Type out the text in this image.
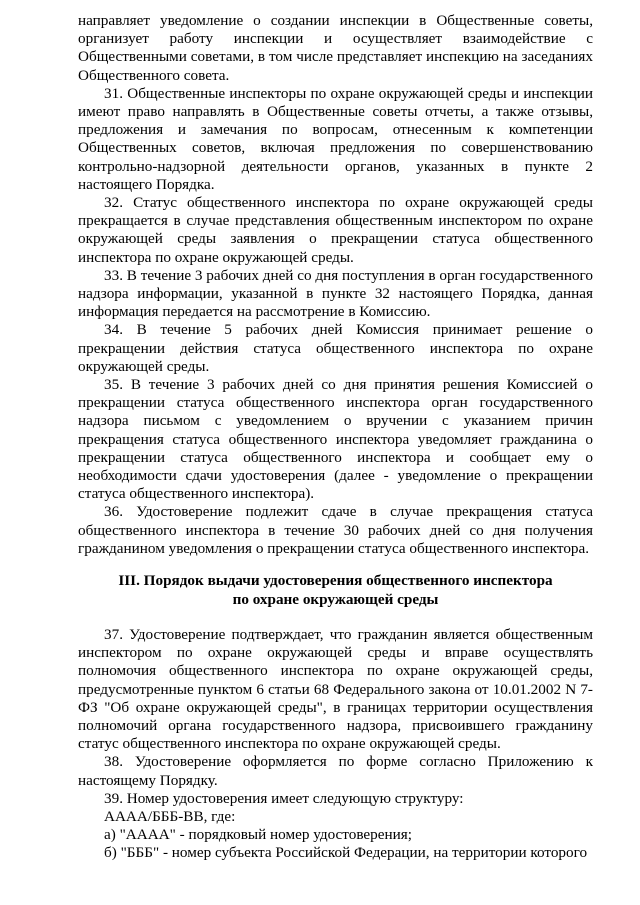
направляет уведомление о создании инспекции в Общественные советы, организует работу инспекции и осуществляет взаимодействие с Общественными советами, в том числе представляет инспекцию на заседаниях Общественного совета.

31. Общественные инспекторы по охране окружающей среды и инспекции имеют право направлять в Общественные советы отчеты, а также отзывы, предложения и замечания по вопросам, отнесенным к компетенции Общественных советов, включая предложения по совершенствованию контрольно-надзорной деятельности органов, указанных в пункте 2 настоящего Порядка.

32. Статус общественного инспектора по охране окружающей среды прекращается в случае представления общественным инспектором по охране окружающей среды заявления о прекращении статуса общественного инспектора по охране окружающей среды.

33. В течение 3 рабочих дней со дня поступления в орган государственного надзора информации, указанной в пункте 32 настоящего Порядка, данная информация передается на рассмотрение в Комиссию.

34. В течение 5 рабочих дней Комиссия принимает решение о прекращении действия статуса общественного инспектора по охране окружающей среды.

35. В течение 3 рабочих дней со дня принятия решения Комиссией о прекращении статуса общественного инспектора орган государственного надзора письмом с уведомлением о вручении с указанием причин прекращения статуса общественного инспектора уведомляет гражданина о прекращении статуса общественного инспектора и сообщает ему о необходимости сдачи удостоверения (далее - уведомление о прекращении статуса общественного инспектора).

36. Удостоверение подлежит сдаче в случае прекращения статуса общественного инспектора в течение 30 рабочих дней со дня получения гражданином уведомления о прекращении статуса общественного инспектора.

III. Порядок выдачи удостоверения общественного инспектора
по охране окружающей среды

37. Удостоверение подтверждает, что гражданин является общественным инспектором по охране окружающей среды и вправе осуществлять полномочия общественного инспектора по охране окружающей среды, предусмотренные пунктом 6 статьи 68 Федерального закона от 10.01.2002 N 7-ФЗ "Об охране окружающей среды", в границах территории осуществления полномочий органа государственного надзора, присвоившего гражданину статус общественного инспектора по охране окружающей среды.

38. Удостоверение оформляется по форме согласно Приложению к настоящему Порядку.

39. Номер удостоверения имеет следующую структуру:

АААА/БББ-ВВ, где:

а) "АААА" - порядковый номер удостоверения;

б) "БББ" - номер субъекта Российской Федерации, на территории которого
